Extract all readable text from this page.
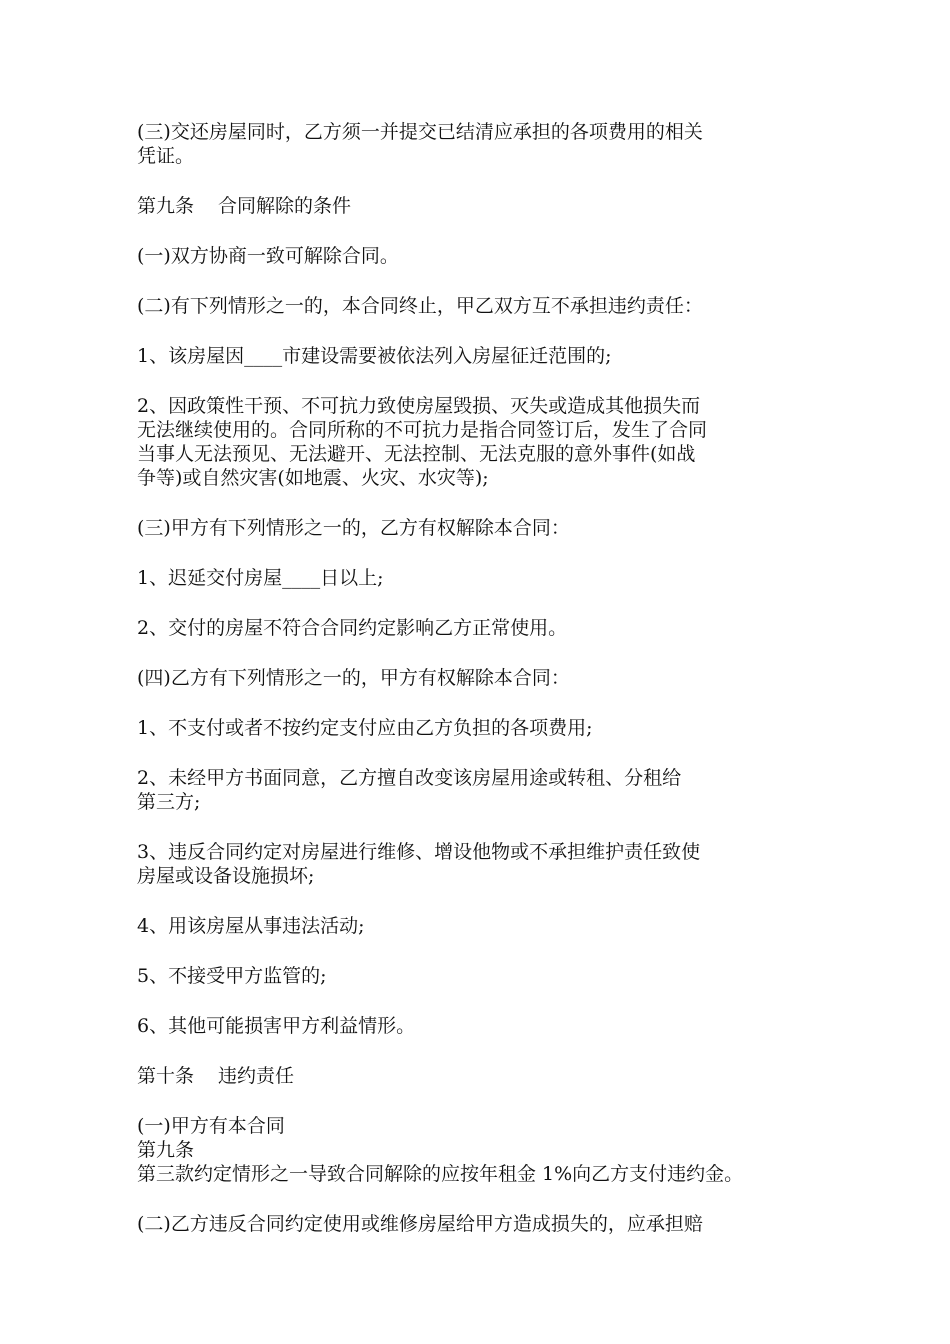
(三)交还房屋同时，乙方须一并提交已结清应承担的各项费用的相关
凭证。

第九条 合同解除的条件

(一)双方协商一致可解除合同。

(二)有下列情形之一的，本合同终止，甲乙双方互不承担违约责任：

1、该房屋因____市建设需要被依法列入房屋征迁范围的;

2、因政策性干预、不可抗力致使房屋毁损、灭失或造成其他损失而
无法继续使用的。合同所称的不可抗力是指合同签订后，发生了合同
当事人无法预见、无法避开、无法控制、无法克服的意外事件(如战
争等)或自然灾害(如地震、火灾、水灾等);

(三)甲方有下列情形之一的，乙方有权解除本合同：

1、迟延交付房屋____日以上;

2、交付的房屋不符合合同约定影响乙方正常使用。

(四)乙方有下列情形之一的，甲方有权解除本合同：

1、不支付或者不按约定支付应由乙方负担的各项费用;

2、未经甲方书面同意，乙方擅自改变该房屋用途或转租、分租给
第三方;

3、违反合同约定对房屋进行维修、增设他物或不承担维护责任致使
房屋或设备设施损坏;

4、用该房屋从事违法活动;

5、不接受甲方监管的;

6、其他可能损害甲方利益情形。

第十条 违约责任

(一)甲方有本合同
第九条
第三款约定情形之一导致合同解除的应按年租金 1%向乙方支付违约金。

(二)乙方违反合同约定使用或维修房屋给甲方造成损失的，应承担赔
